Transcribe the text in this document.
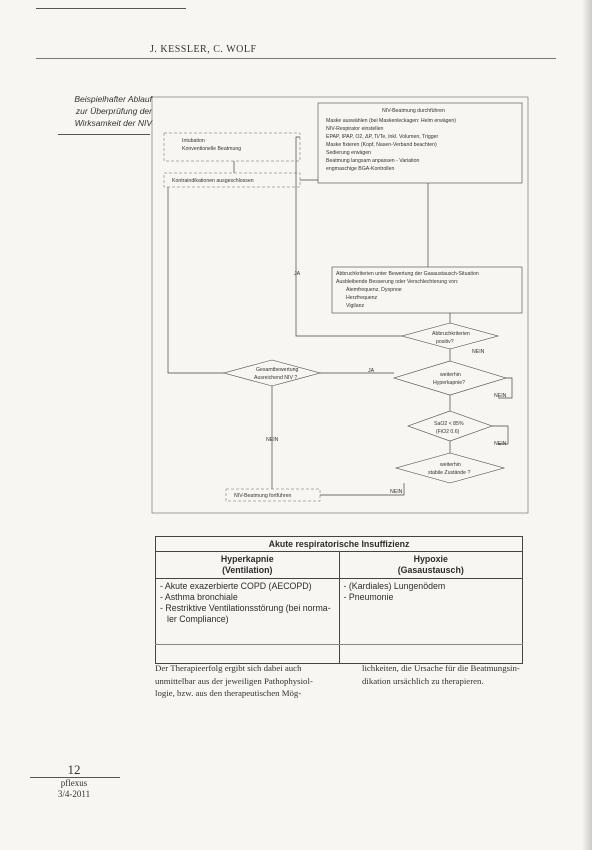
J. KESSLER, C. WOLF
Beispielhafter Ablauf
zur Überprüfung der
Wirksamkeit der NIV
Intubation
Konventionelle Beatmung
Kontraindikationen ausgeschlossen
NIV-Beatmung durchführen
Maske auswählen (bei Maskenleckagen: Helm erwägen)
NIV-Respirator einstellen
EPAP, IPAP, O2, ΔP, Ti/Te, Inkl. Volumen, Trigger
Maske fixieren (Kopf, Nasen-Verband beachten)
Sedierung erwägen
Beatmung langsam anpassen - Variation
engmaschige BGA-Kontrollen
Abbruchkriterien unter Bewertung der Gasaustausch-Situation
Ausbleibende Besserung oder Verschlechterung von:
Atemfrequenz, Dyspnoe
Herzfrequenz
Vigilanz
Abbruchkriterien
positiv?
JA
NEIN
weiterhin
Hyperkapnie?
NEIN
JA
SaO2 < 85%
(FiO2 0.6)
NEIN
weiterhin
stabile Zustände ?
NEIN
Gesamtbewertung
Ausreichend NIV ?
NEIN
NIV-Beatmung fortführen
Akute respiratorische Insuffizienz
Hyperkapnie
(Ventilation)
Hypoxie
(Gasaustausch)
- Akute exazerbierte COPD (AECOPD)
- Asthma bronchiale
- Restriktive Ventilationsstörung (bei norma-
ler Compliance)
- (Kardiales) Lungenödem
- Pneumonie
Der Therapieerfolg ergibt sich dabei auch
unmittelbar aus der jeweiligen Pathophysiol-
logie, bzw. aus den therapeutischen Mög-
lichkeiten, die Ursache für die Beatmungsin-
dikation ursächlich zu therapieren.
12
pflexus
3/4-2011
